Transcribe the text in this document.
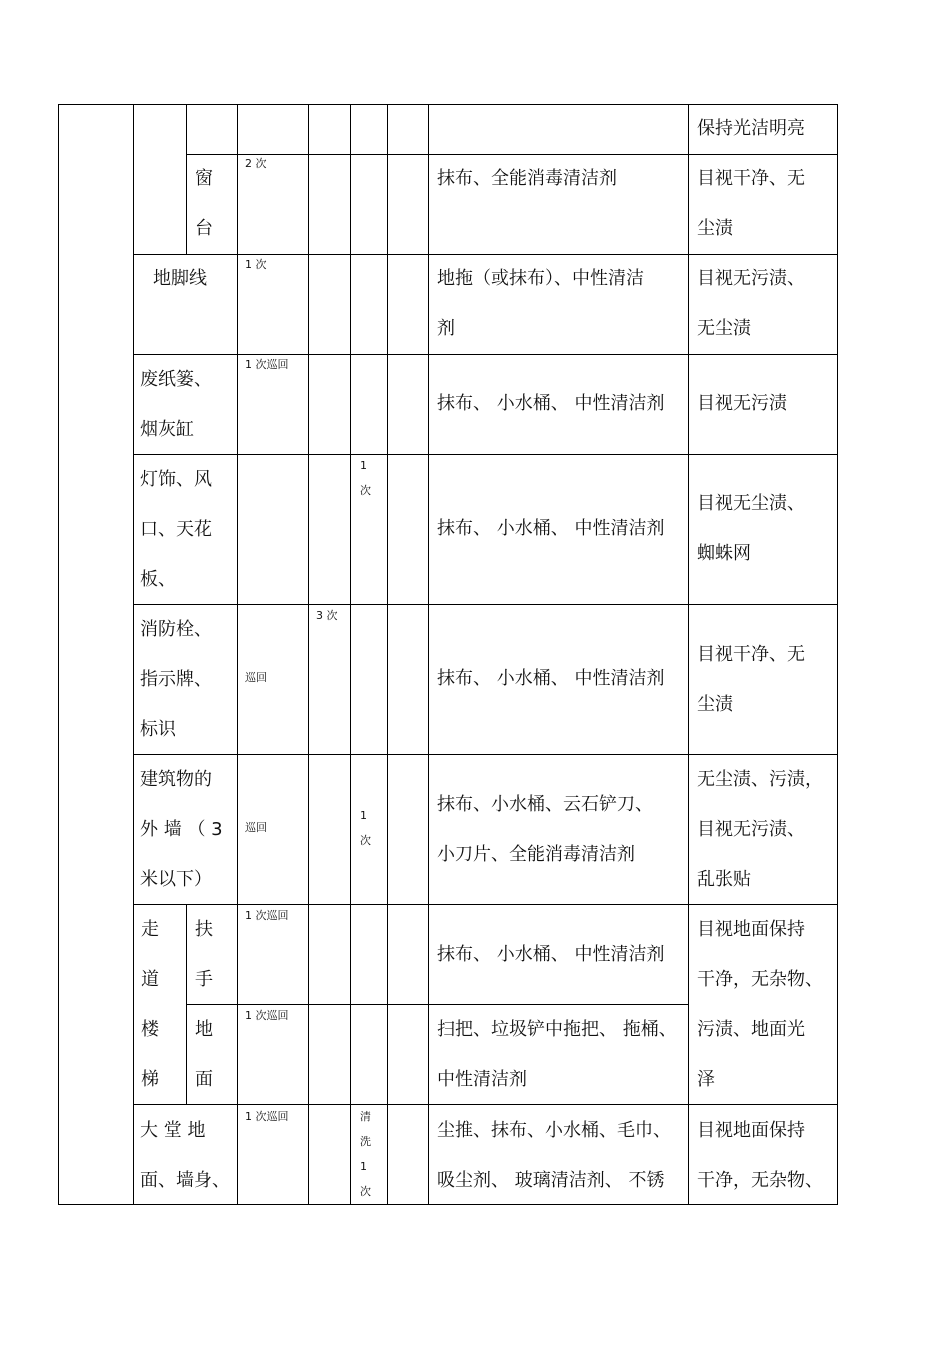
保持光洁明亮
窗
台
2 次
抹布、全能消毒清洁剂	目视干净、无
尘渍
地脚线
1 次
地拖（或抹布）、中性清洁
剂
目视无污渍、
无尘渍
废纸篓、
烟灰缸
1 次巡回
抹布、 小水桶、 中性清洁剂 目视无污渍
灯饰、风
口、天花
板、
1
次
抹布、 小水桶、 中性清洁剂
目视无尘渍、
蜘蛛网
消防栓、
指示牌、
标识
巡回
3 次
抹布、 小水桶、 中性清洁剂
目视干净、无
尘渍
建筑物的
外 墙 （ 3
米以下）
巡回
1
次
抹布、小水桶、云石铲刀、
小刀片、全能消毒清洁剂
无尘渍、污渍，
目视无污渍、
乱张贴
走
道
楼
梯
扶
手
1 次巡回
抹布、 小水桶、 中性清洁剂
地
面
1 次巡回
扫把、垃圾铲中拖把、 拖桶、
中性清洁剂
目视地面保持
干净，无杂物、
污渍、地面光
泽
大 堂 地
面、墙身、
1 次巡回	清
洗
1
次
尘推、抹布、小水桶、毛巾、
吸尘剂、 玻璃清洁剂、 不锈
目视地面保持
干净，无杂物、
